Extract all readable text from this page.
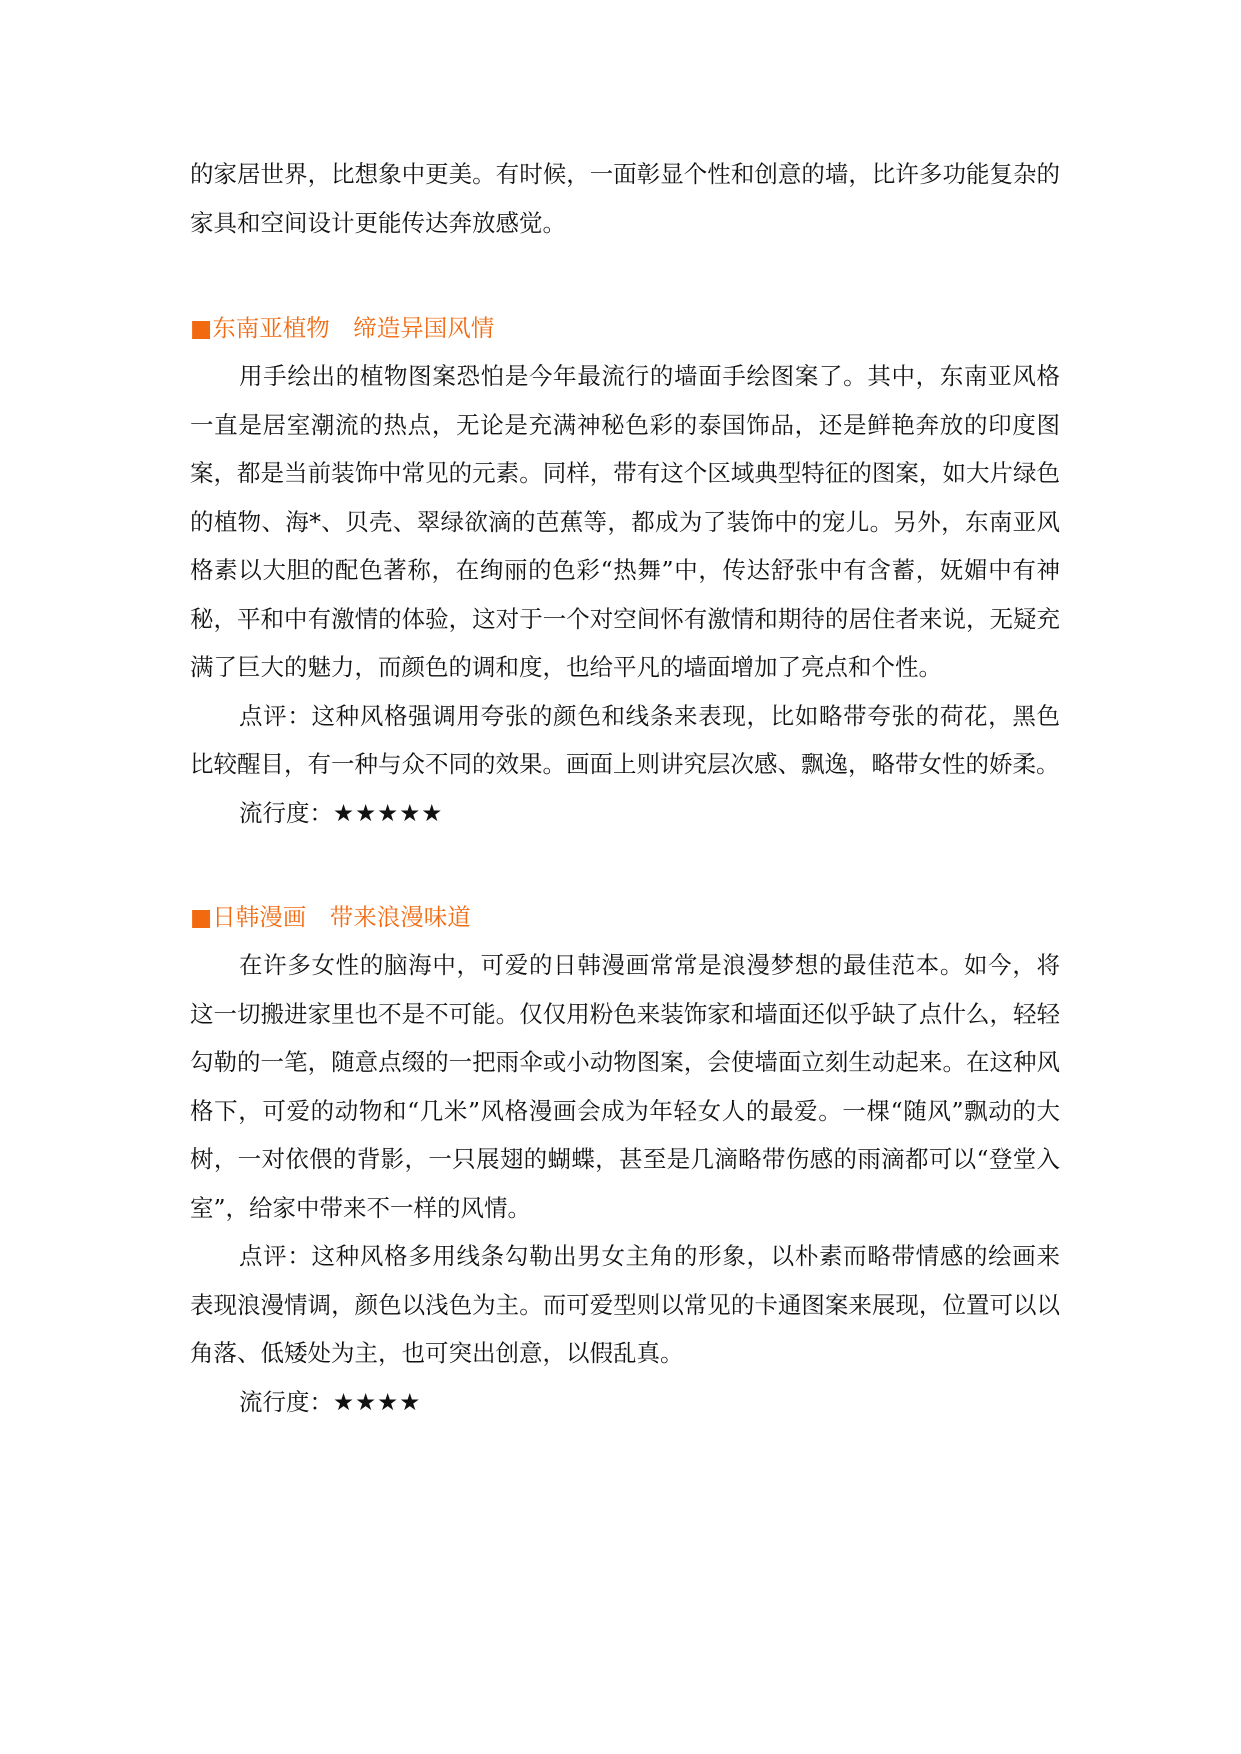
的家居世界，比想象中更美。有时候，一面彰显个性和创意的墙，比许多功能复杂的家具和空间设计更能传达奔放感觉。

■东南亚植物　缔造异国风情

用手绘出的植物图案恐怕是今年最流行的墙面手绘图案了。其中，东南亚风格一直是居室潮流的热点，无论是充满神秘色彩的泰国饰品，还是鲜艳奔放的印度图案，都是当前装饰中常见的元素。同样，带有这个区域典型特征的图案，如大片绿色的植物、海*、贝壳、翠绿欲滴的芭蕉等，都成为了装饰中的宠儿。另外，东南亚风格素以大胆的配色著称，在绚丽的色彩“热舞”中，传达舒张中有含蓄，妩媚中有神秘，平和中有激情的体验，这对于一个对空间怀有激情和期待的居住者来说，无疑充满了巨大的魅力，而颜色的调和度，也给平凡的墙面增加了亮点和个性。

点评：这种风格强调用夸张的颜色和线条来表现，比如略带夸张的荷花，黑色比较醒目，有一种与众不同的效果。画面上则讲究层次感、飘逸，略带女性的娇柔。

流行度：★★★★★

■日韩漫画　带来浪漫味道

在许多女性的脑海中，可爱的日韩漫画常常是浪漫梦想的最佳范本。如今，将这一切搬进家里也不是不可能。仅仅用粉色来装饰家和墙面还似乎缺了点什么，轻轻勾勒的一笔，随意点缀的一把雨伞或小动物图案，会使墙面立刻生动起来。在这种风格下，可爱的动物和“几米”风格漫画会成为年轻女人的最爱。一棵“随风”飘动的大树，一对依偎的背影，一只展翅的蝴蝶，甚至是几滴略带伤感的雨滴都可以“登堂入室”，给家中带来不一样的风情。

点评：这种风格多用线条勾勒出男女主角的形象，以朴素而略带情感的绘画来表现浪漫情调，颜色以浅色为主。而可爱型则以常见的卡通图案来展现，位置可以以角落、低矮处为主，也可突出创意，以假乱真。

流行度：★★★★
